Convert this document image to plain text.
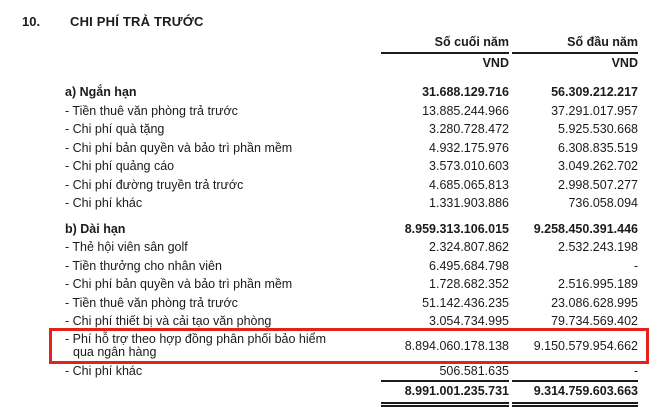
10.	CHI PHÍ TRẢ TRƯỚC
Số cuối năm	Số đầu năm
VND	VND
a) Ngắn hạn	31.688.129.716	56.309.212.217
- Tiền thuê văn phòng trả trước	13.885.244.966	37.291.017.957
- Chi phí quà tặng	3.280.728.472	5.925.530.668
- Chi phí bản quyền và bảo trì phần mềm	4.932.175.976	6.308.835.519
- Chi phí quảng cáo	3.573.010.603	3.049.262.702
- Chi phí đường truyền trả trước	4.685.065.813	2.998.507.277
- Chi phí khác	1.331.903.886	736.058.094
b) Dài hạn	8.959.313.106.015	9.258.450.391.446
- Thẻ hội viên sân golf	2.324.807.862	2.532.243.198
- Tiền thưởng cho nhân viên	6.495.684.798	-
- Chi phí bản quyền và bảo trì phần mềm	1.728.682.352	2.516.995.189
- Tiền thuê văn phòng trả trước	51.142.436.235	23.086.628.995
- Chi phí thiết bị và cải tạo văn phòng	3.054.734.995	79.734.569.402
- Phí hỗ trợ theo hợp đồng phân phối bảo hiểm
qua ngân hàng	8.894.060.178.138	9.150.579.954.662
- Chi phí khác	506.581.635	-
8.991.001.235.731	9.314.759.603.663
